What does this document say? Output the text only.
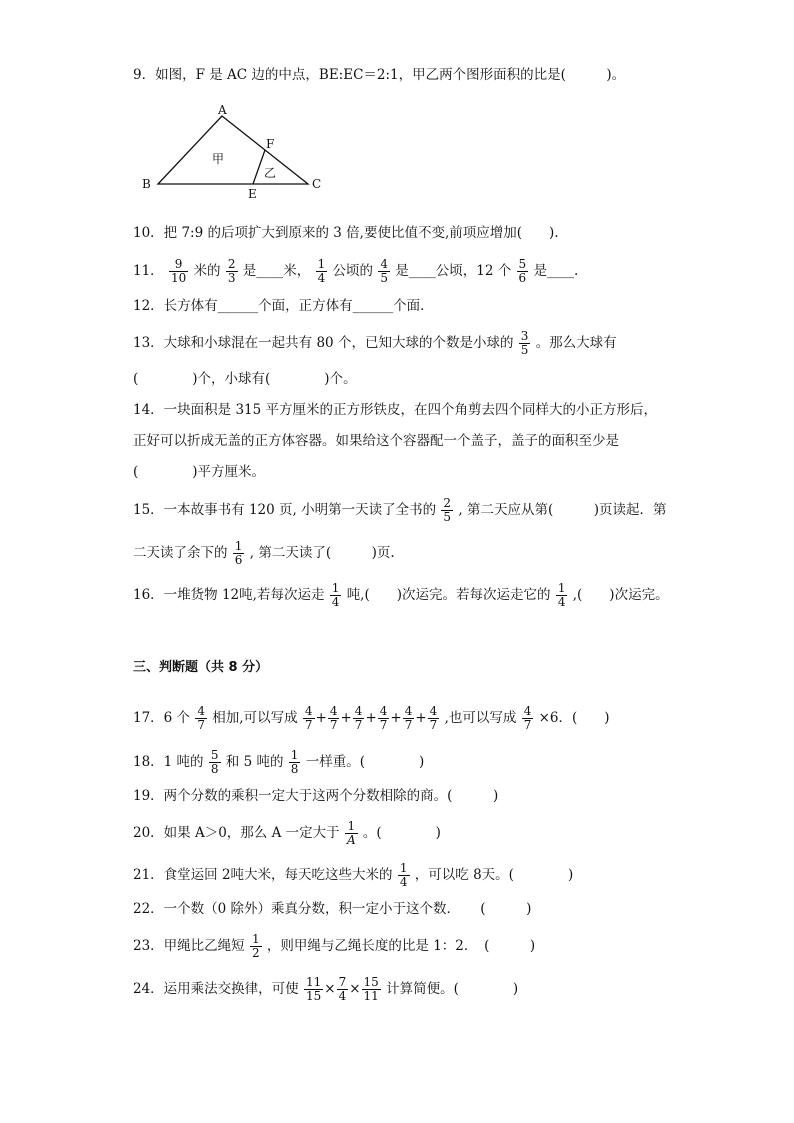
9．如图，F 是 AC 边的中点，BE:EC＝2:1，甲乙两个图形面积的比是(　　　)。
A
B	C
E
F
甲
乙
10．把 7:9 的后项扩大到原来的 3 倍,要使比值不变,前项应增加(　　).
11． $\frac{9}{10}$ 米的 $\frac{2}{3}$ 是____米， $\frac{1}{4}$ 公顷的 $\frac{4}{5}$ 是____公顷，12 个 $\frac{5}{6}$ 是____.
12．长方体有______个面，正方体有______个面．
13．大球和小球混在一起共有 80 个，已知大球的个数是小球的 $\frac{3}{5}$ 。那么大球有
(　　　　)个，小球有(　　　　)个。
14．一块面积是 315 平方厘米的正方形铁皮，在四个角剪去四个同样大的小正方形后，
正好可以折成无盖的正方体容器。如果给这个容器配一个盖子，盖子的面积至少是
(　　　　)平方厘米。
15．一本故事书有 120 页, 小明第一天读了全书的 $\frac{2}{5}$ , 第二天应从第(　　　)页读起．第
二天读了余下的 $\frac{1}{6}$ , 第二天读了(　　　)页.
16．一堆货物 12吨,若每次运走 $\frac{1}{4}$ 吨,(　　)次运完。若每次运走它的 $\frac{1}{4}$ ,(　　)次运完。
三、判断题（共 8 分）
17．6 个 $\frac{4}{7}$ 相加,可以写成 $\frac{4}{7} + \frac{4}{7} + \frac{4}{7} + \frac{4}{7} + \frac{4}{7} + \frac{4}{7}$ ,也可以写成 $\frac{4}{7} \times 6$．(　　)
18．1 吨的 $\frac{5}{8}$ 和 5 吨的 $\frac{1}{8}$ 一样重。(　　　　)
19．两个分数的乘积一定大于这两个分数相除的商。(　　　)
20．如果 A＞0，那么 A 一定大于 $\frac{1}{A}$ 。(　　　　)
21．食堂运回 2吨大米，每天吃这些大米的 $\frac{1}{4}$ ，可以吃 8天。(　　　　)
22．一个数（0 除外）乘真分数，积一定小于这个数．　　(　　　)
23．甲绳比乙绳短 $\frac{1}{2}$ ，则甲绳与乙绳长度的比是 1：2．　(　　　)
24．运用乘法交换律，可使 $\frac{11}{15} \times \frac{7}{4} \times \frac{15}{11}$ 计算简便。(　　　　)
